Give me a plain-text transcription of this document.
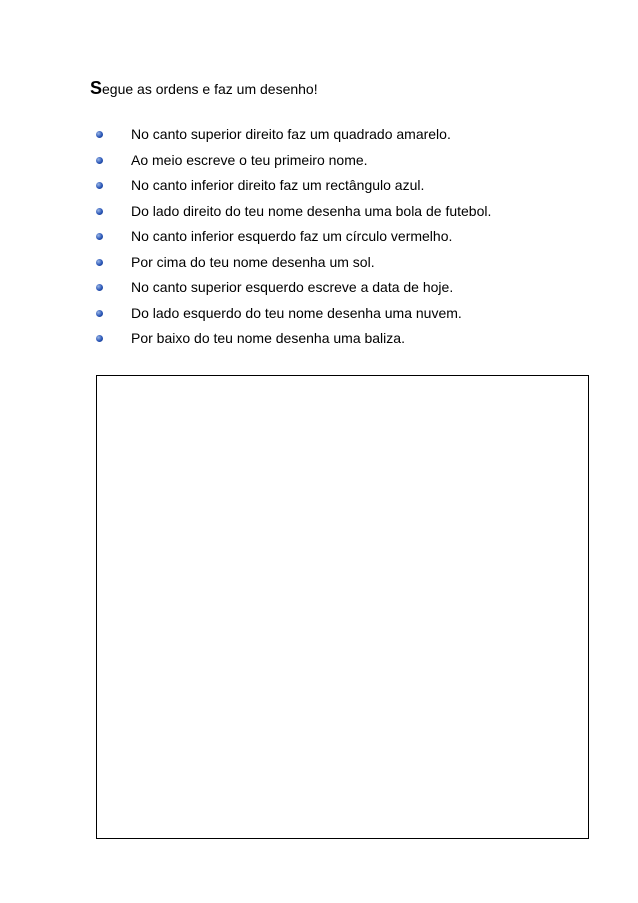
Segue as ordens e faz um desenho!
No canto superior direito faz um quadrado amarelo.
Ao meio escreve o teu primeiro nome.
No canto inferior direito faz um rectângulo azul.
Do lado direito do teu nome desenha uma bola de futebol.
No canto inferior esquerdo faz um círculo vermelho.
Por cima do teu nome desenha um sol.
No canto superior esquerdo escreve a data de hoje.
Do lado esquerdo do teu nome desenha uma nuvem.
Por baixo do teu nome desenha uma baliza.
